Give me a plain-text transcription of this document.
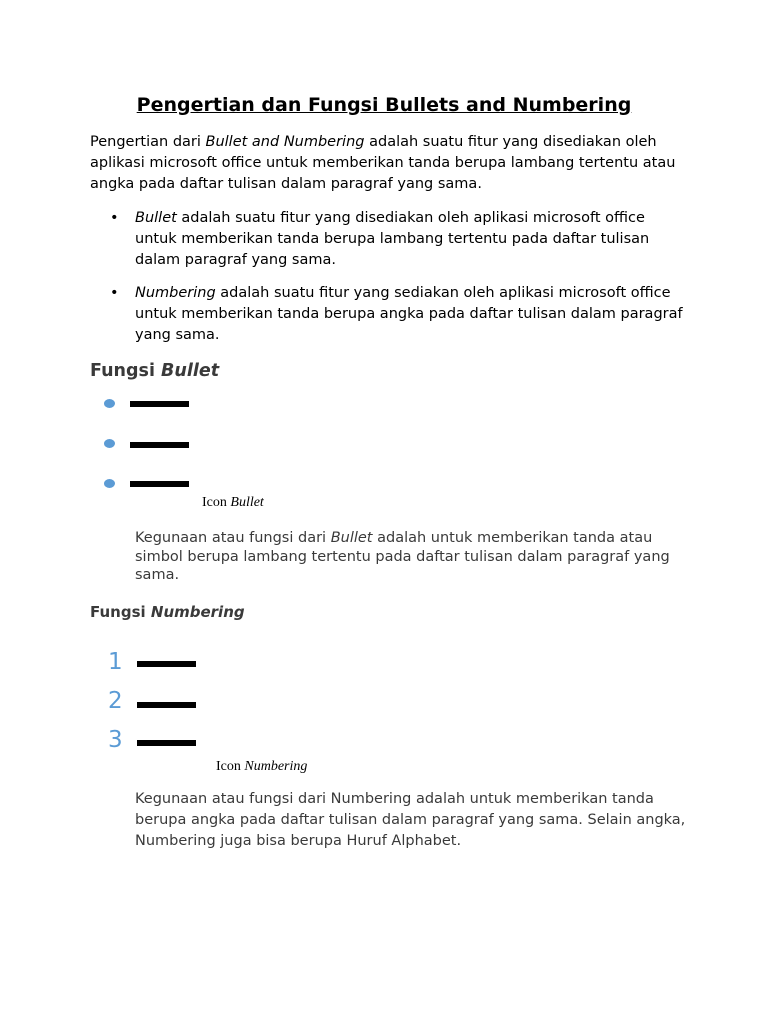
Pengertian dan Fungsi Bullets and Numbering
Pengertian dari Bullet and Numbering adalah suatu fitur yang disediakan oleh aplikasi microsoft office untuk memberikan tanda berupa lambang tertentu atau angka pada daftar tulisan dalam paragraf yang sama.
• Bullet adalah suatu fitur yang disediakan oleh aplikasi microsoft office untuk memberikan tanda berupa lambang tertentu pada daftar tulisan dalam paragraf yang sama.
• Numbering adalah suatu fitur yang sediakan oleh aplikasi microsoft office untuk memberikan tanda berupa angka pada daftar tulisan dalam paragraf yang sama.
Fungsi Bullet
Icon Bullet
Kegunaan atau fungsi dari Bullet adalah untuk memberikan tanda atau simbol berupa lambang tertentu pada daftar tulisan dalam paragraf yang sama.
Fungsi Numbering
1
2
3
Icon Numbering
Kegunaan atau fungsi dari Numbering adalah untuk memberikan tanda berupa angka pada daftar tulisan dalam paragraf yang sama. Selain angka, Numbering juga bisa berupa Huruf Alphabet.
